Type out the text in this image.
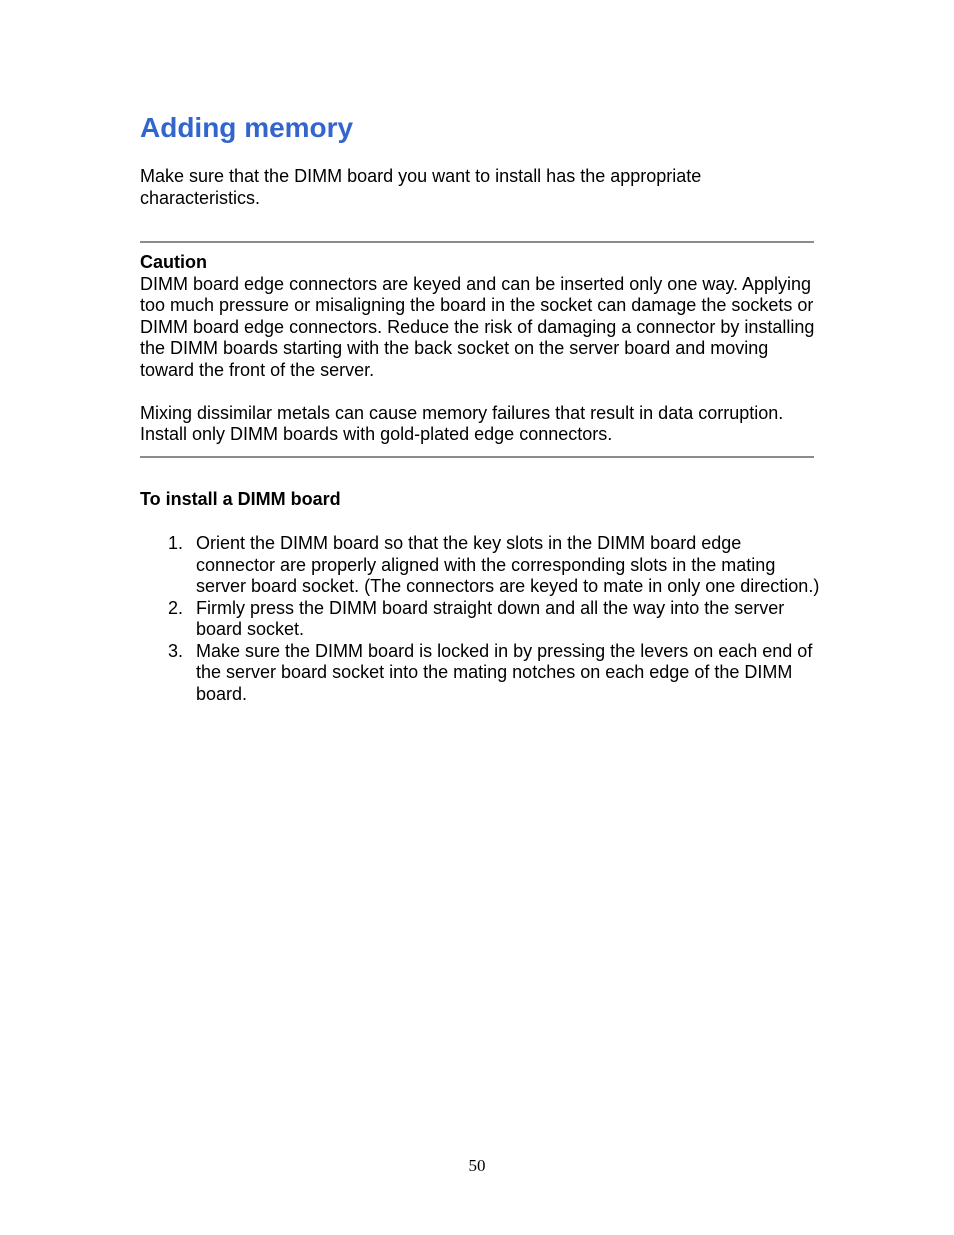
Adding memory

Make sure that the DIMM board you want to install has the appropriate characteristics.

Caution

DIMM board edge connectors are keyed and can be inserted only one way. Applying too much pressure or misaligning the board in the socket can damage the sockets or DIMM board edge connectors. Reduce the risk of damaging a connector by installing the DIMM boards starting with the back socket on the server board and moving toward the front of the server.

Mixing dissimilar metals can cause memory failures that result in data corruption. Install only DIMM boards with gold-plated edge connectors.

To install a DIMM board

1. Orient the DIMM board so that the key slots in the DIMM board edge connector are properly aligned with the corresponding slots in the mating server board socket. (The connectors are keyed to mate in only one direction.)
2. Firmly press the DIMM board straight down and all the way into the server board socket.
3. Make sure the DIMM board is locked in by pressing the levers on each end of the server board socket into the mating notches on each edge of the DIMM board.
50
